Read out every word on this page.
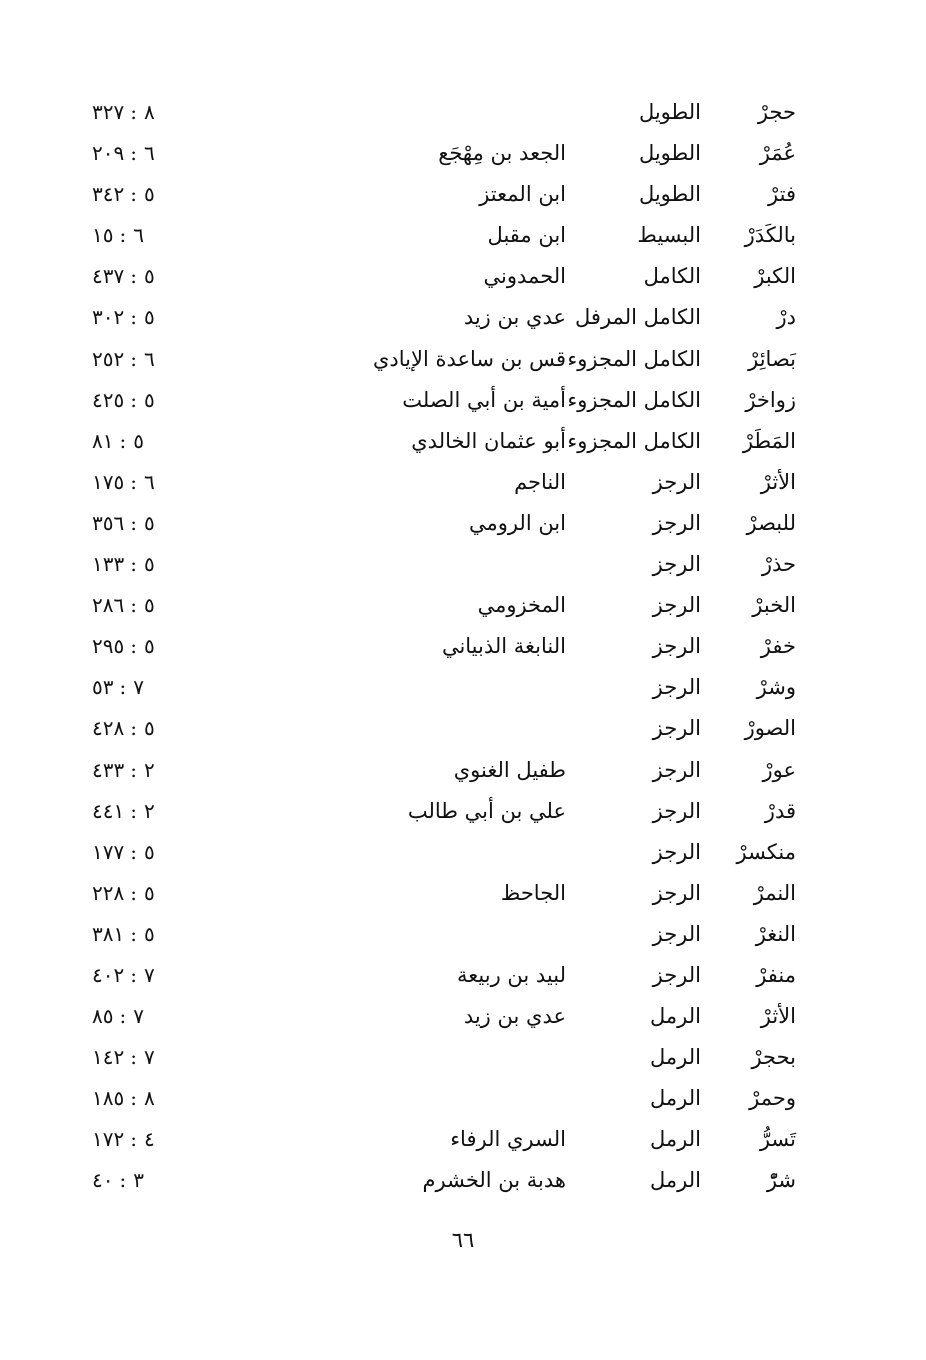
حجرْ
الطويل
٣٢٧ : ٨
عُمَرْ
الطويل
الجعد بن مِهْجَع
٢٠٩ : ٦
فترْ
الطويل
ابن المعتز
٣٤٢ : ٥
بالكَدَرْ
البسيط
ابن مقبل
١٥ : ٦
الكبرْ
الكامل
الحمدوني
٤٣٧ : ٥
درْ
الكامل المرفل
عدي بن زيد
٣٠٢ : ٥
بَصائِرْ
الكامل المجزوء
قس بن ساعدة الإيادي
٢٥٢ : ٦
زواخرْ
الكامل المجزوء
أمية بن أبي الصلت
٤٢٥ : ٥
المَطَرْ
الكامل المجزوء
أبو عثمان الخالدي
٨١ : ٥
الأثرْ
الرجز
الناجم
١٧٥ : ٦
للبصرْ
الرجز
ابن الرومي
٣٥٦ : ٥
حذرْ
الرجز
١٣٣ : ٥
الخبرْ
الرجز
المخزومي
٢٨٦ : ٥
خفرْ
الرجز
النابغة الذبياني
٢٩٥ : ٥
وشرْ
الرجز
٥٣ : ٧
الصورْ
الرجز
٤٢٨ : ٥
عورْ
الرجز
طفيل الغنوي
٤٣٣ : ٢
قدرْ
الرجز
علي بن أبي طالب
٤٤١ : ٢
منكسرْ
الرجز
١٧٧ : ٥
النمرْ
الرجز
الجاحظ
٢٢٨ : ٥
النغرْ
الرجز
٣٨١ : ٥
منفرْ
الرجز
لبيد بن ربيعة
٤٠٢ : ٧
الأثرْ
الرمل
عدي بن زيد
٨٥ : ٧
بحجرْ
الرمل
١٤٢ : ٧
وحمرْ
الرمل
١٨٥ : ٨
تَسرُّ
الرمل
السري الرفاء
١٧٢ : ٤
شرّْ
الرمل
هدبة بن الخشرم
٤٠ : ٣
٦٦
